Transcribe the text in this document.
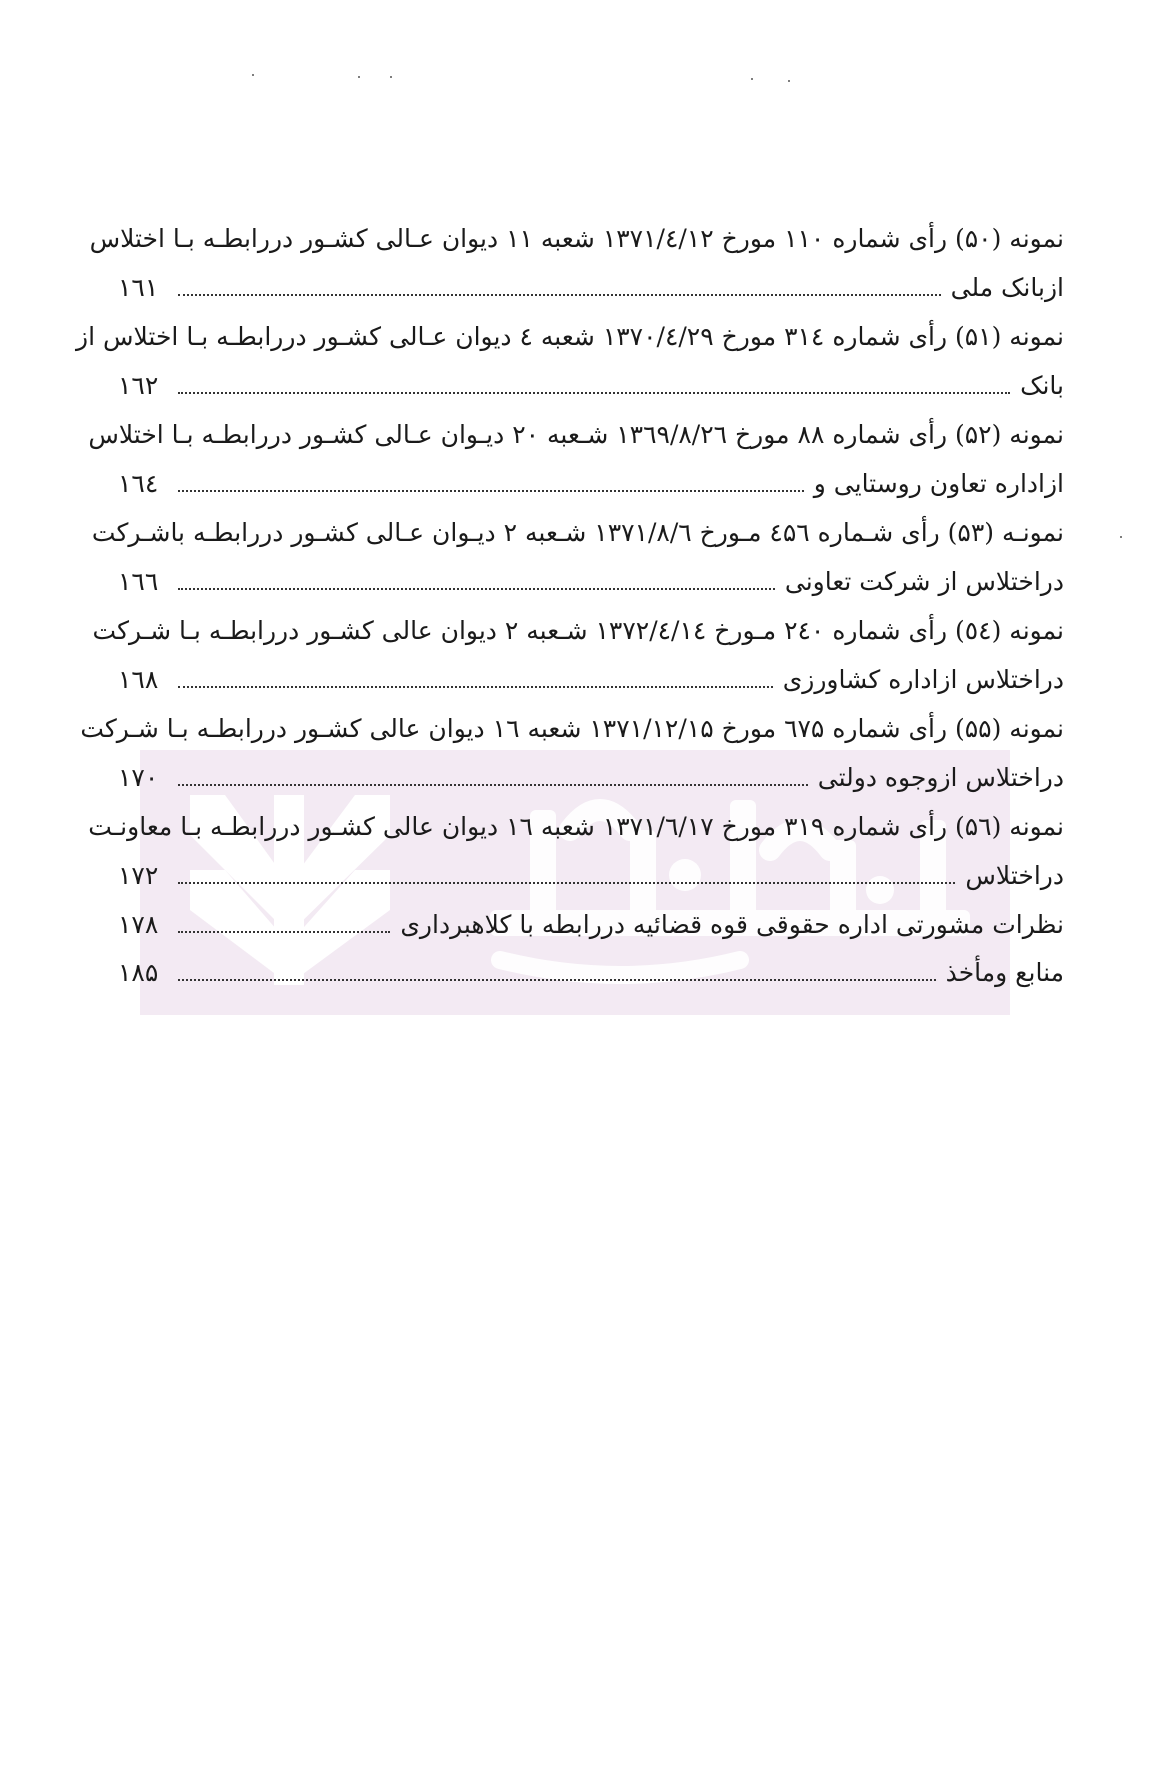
نمونه (۵۰) رأی شماره ۱۱۰ مورخ ۱۳۷۱/٤/۱۲ شعبه ۱۱ دیوان عـالی کشـور دررابطـه بـا اختلاس
ازبانک ملی
۱٦۱
نمونه (۵۱) رأی شماره ۳۱٤ مورخ ۱۳۷۰/٤/۲۹ شعبه ٤ دیوان عـالی کشـور دررابطـه بـا اختلاس از
بانک
۱٦۲
نمونه (۵۲) رأی شماره ۸۸ مورخ ۱۳٦۹/۸/۲٦ شـعبه ۲۰ دیـوان عـالی کشـور دررابطـه بـا اختلاس
ازاداره تعاون روستایی و
۱٦٤
نمونـه (۵۳) رأی شـماره ٤۵٦ مـورخ ۱۳۷۱/۸/٦ شـعبه ۲ دیـوان عـالی کشـور دررابطـه باشـرکت
دراختلاس از شرکت تعاونی
۱٦٦
نمونه (٥٤) رأی شماره ۲٤۰ مـورخ ۱۳۷۲/٤/۱٤ شـعبه ۲ دیوان عالی کشـور دررابطـه بـا شـرکت
دراختلاس ازاداره کشاورزی
۱٦۸
نمونه (۵۵) رأی شماره ٦۷۵ مورخ ۱۳۷۱/۱۲/۱۵ شعبه ۱٦ دیوان عالی کشـور دررابطـه بـا شـرکت
دراختلاس ازوجوه دولتی
۱۷۰
نمونه (۵٦) رأی شماره ۳۱۹ مورخ ۱۳۷۱/٦/۱۷ شعبه ۱٦ دیوان عالی کشـور دررابطـه بـا معاونـت
دراختلاس
۱۷۲
نظرات مشورتی اداره حقوقی قوه قضائیه دررابطه با کلاهبرداری
۱۷۸
منابع ومأخذ
۱۸۵
